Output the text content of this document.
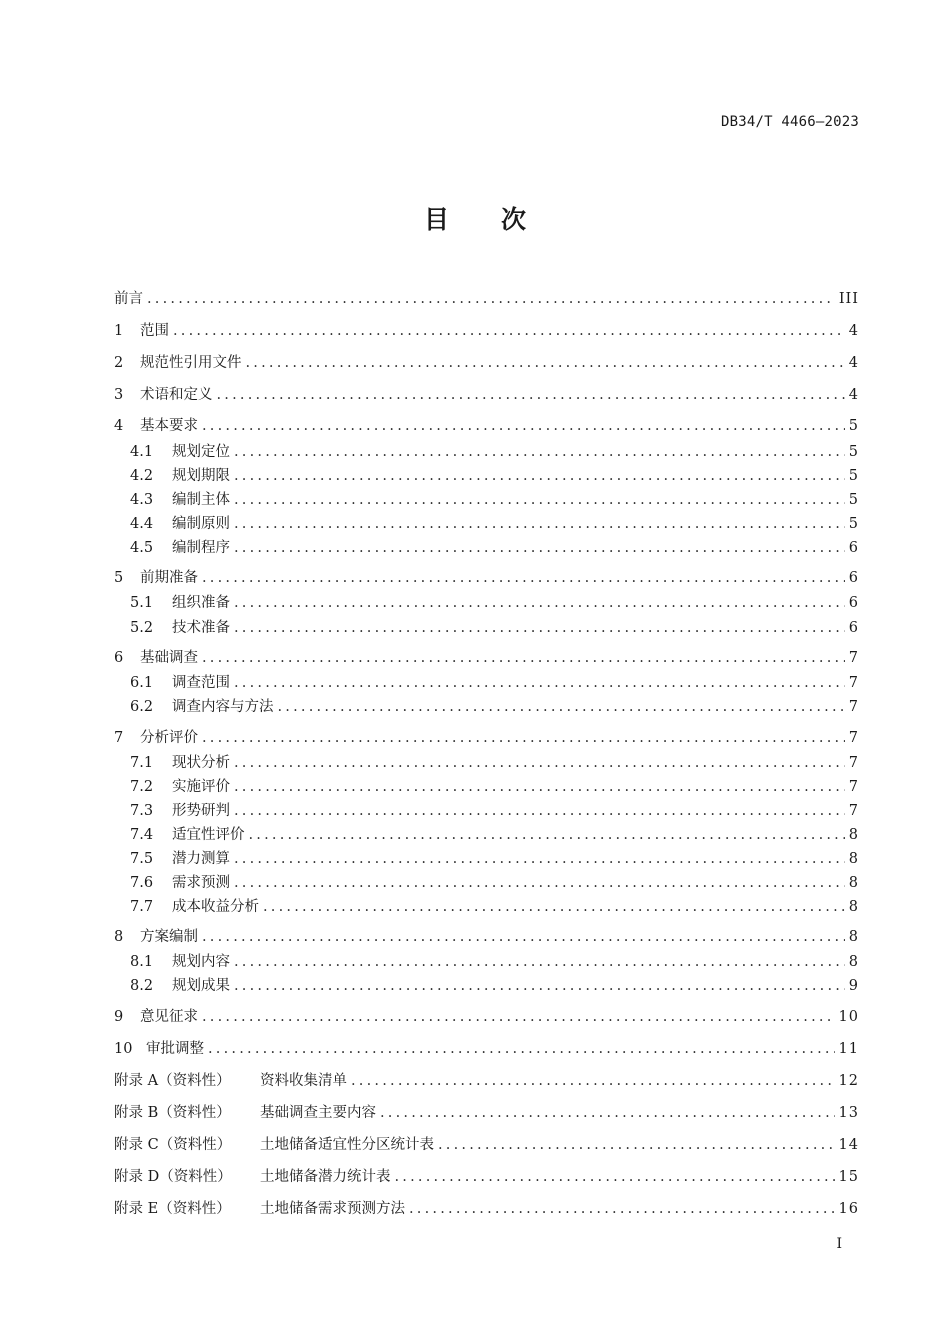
DB34/T 4466—2023
目 次
前言 .....	III
1	范围 .....	4
2	规范性引用文件 .....	4
3	术语和定义 .....	4
4	基本要求 .....	5
4.1	规划定位 .....	5
4.2	规划期限 .....	5
4.3	编制主体 .....	5
4.4	编制原则 .....	5
4.5	编制程序 .....	6
5	前期准备 .....	6
5.1	组织准备 .....	6
5.2	技术准备 .....	6
6	基础调查 .....	7
6.1	调查范围 .....	7
6.2	调查内容与方法 .....	7
7	分析评价 .....	7
7.1	现状分析 .....	7
7.2	实施评价 .....	7
7.3	形势研判 .....	7
7.4	适宜性评价 .....	8
7.5	潜力测算 .....	8
7.6	需求预测 .....	8
7.7	成本收益分析 .....	8
8	方案编制 .....	8
8.1	规划内容 .....	8
8.2	规划成果 .....	9
9	意见征求 .....	10
10 审批调整 .....	11
附录 A（资料性）	资料收集清单 .....	12
附录 B（资料性）	基础调查主要内容 .....	13
附录 C（资料性）	土地储备适宜性分区统计表 .....	14
附录 D（资料性）	土地储备潜力统计表 .....	15
附录 E（资料性）	土地储备需求预测方法 .....	16
I
